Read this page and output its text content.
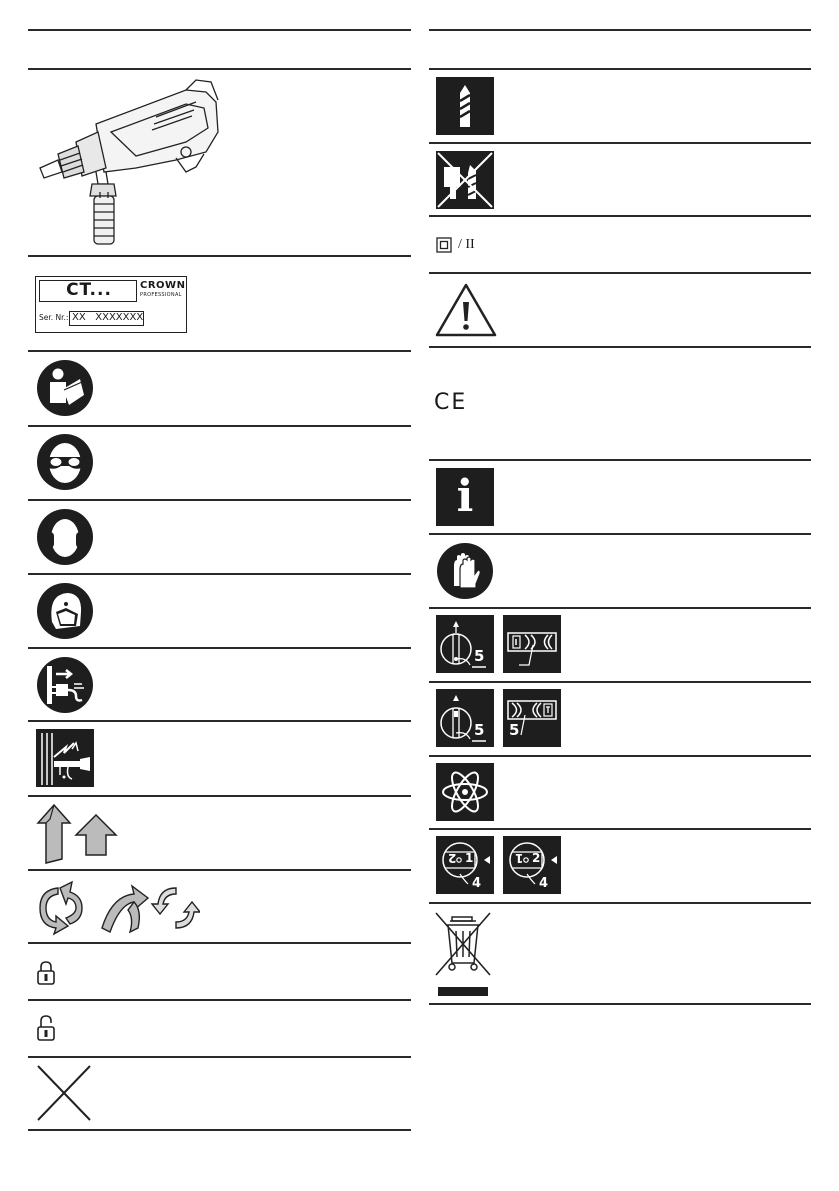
CT...	CROWN
PROFESSIONAL
Ser. Nr.: XX   XXXXXXX
/ II
CE
i
5
5 5
2 1
4
1 2
4
